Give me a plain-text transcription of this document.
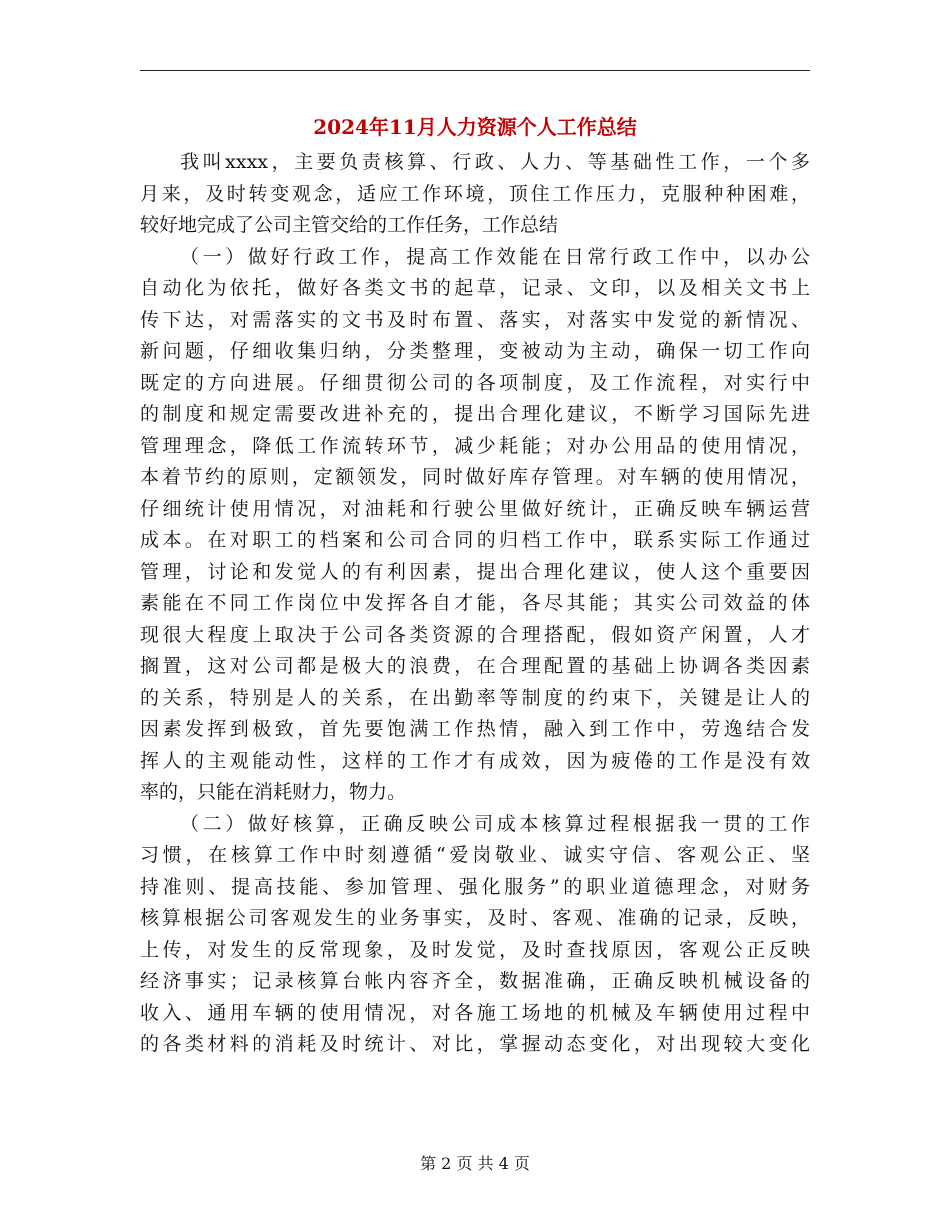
2024年11月人力资源个人工作总结
我叫xxxx，主要负责核算、行政、人力、等基础性工作，一个多
月来，及时转变观念，适应工作环境，顶住工作压力，克服种种困难，
较好地完成了公司主管交给的工作任务，工作总结
（一）做好行政工作，提高工作效能在日常行政工作中，以办公
自动化为依托，做好各类文书的起草，记录、文印，以及相关文书上
传下达，对需落实的文书及时布置、落实，对落实中发觉的新情况、
新问题，仔细收集归纳，分类整理，变被动为主动，确保一切工作向
既定的方向进展。仔细贯彻公司的各项制度，及工作流程，对实行中
的制度和规定需要改进补充的，提出合理化建议，不断学习国际先进
管理理念，降低工作流转环节，减少耗能；对办公用品的使用情况，
本着节约的原则，定额领发，同时做好库存管理。对车辆的使用情况，
仔细统计使用情况，对油耗和行驶公里做好统计，正确反映车辆运营
成本。在对职工的档案和公司合同的归档工作中，联系实际工作通过
管理，讨论和发觉人的有利因素，提出合理化建议，使人这个重要因
素能在不同工作岗位中发挥各自才能，各尽其能；其实公司效益的体
现很大程度上取决于公司各类资源的合理搭配，假如资产闲置，人才
搁置，这对公司都是极大的浪费，在合理配置的基础上协调各类因素
的关系，特别是人的关系，在出勤率等制度的约束下，关键是让人的
因素发挥到极致，首先要饱满工作热情，融入到工作中，劳逸结合发
挥人的主观能动性，这样的工作才有成效，因为疲倦的工作是没有效
率的，只能在消耗财力，物力。
（二）做好核算，正确反映公司成本核算过程根据我一贯的工作
习惯，在核算工作中时刻遵循“爱岗敬业、诚实守信、客观公正、坚
持准则、提高技能、参加管理、强化服务”的职业道德理念，对财务
核算根据公司客观发生的业务事实，及时、客观、准确的记录，反映，
上传，对发生的反常现象，及时发觉，及时查找原因，客观公正反映
经济事实；记录核算台帐内容齐全，数据准确，正确反映机械设备的
收入、通用车辆的使用情况，对各施工场地的机械及车辆使用过程中
的各类材料的消耗及时统计、对比，掌握动态变化，对出现较大变化
第 2 页 共 4 页
